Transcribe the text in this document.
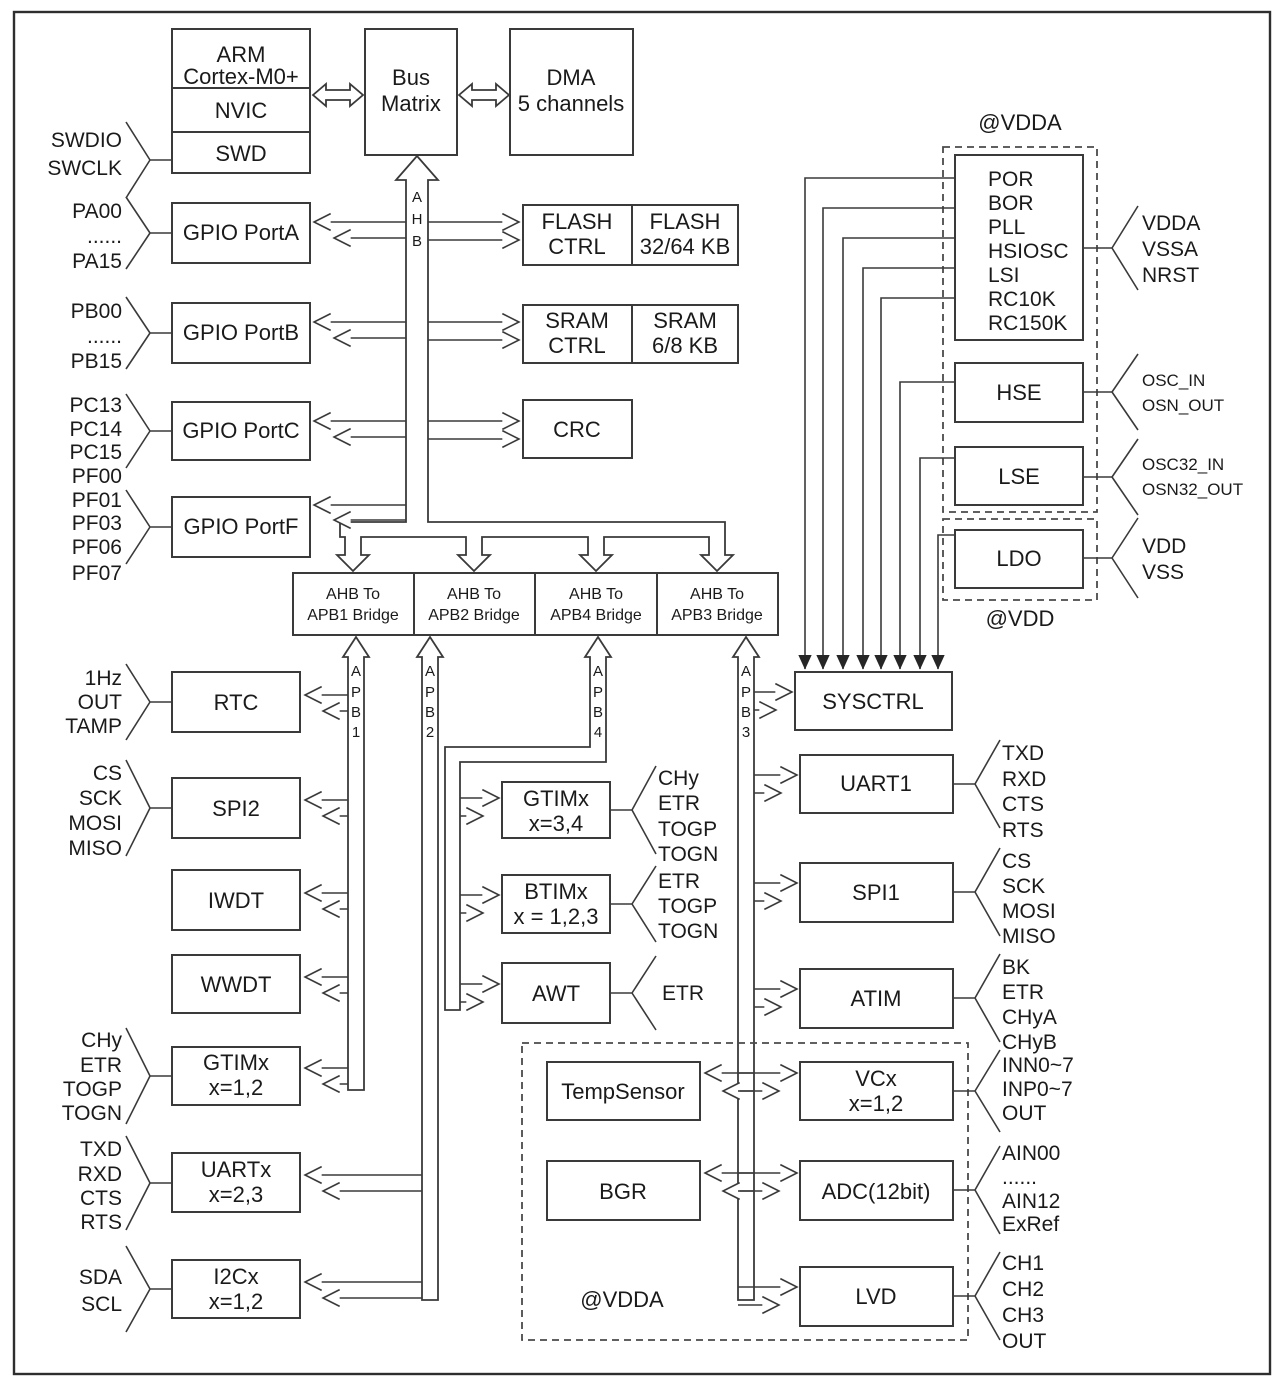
ARM
Cortex-M0+
NVIC
SWD
Bus
Matrix
DMA
5 channels
SWDIO
SWCLK
GPIO PortA
PA00
......
PA15
GPIO PortB
PB00
......
PB15
GPIO PortC
PC13
PC14
PC15
PF00
GPIO PortF
PF01
PF03
PF06
PF07
A
H
B
FLASH
CTRL
FLASH
32/64 KB
SRAM
CTRL
SRAM
6/8 KB
CRC
@VDDA
@VDD
POR
BOR
PLL
HSIOSC
LSI
RC10K
RC150K
VDDA
VSSA
NRST
HSE	OSC_IN
OSN_OUT
LSE	OSC32_IN
OSN32_OUT
LDO	VDD
VSS
AHB To
APB1 Bridge
AHB To
APB2 Bridge
AHB To
APB4 Bridge
AHB To
APB3 Bridge
A
P
B
1
A
P
B
2
A
P
B
4
A
P
B
3
RTC
1Hz
OUT
TAMP
SPI2
CS
SCK
MOSI
MISO
IWDT
WWDT
GTIMx
x=1,2
CHy
ETR
TOGP
TOGN
UARTx
x=2,3
TXD
RXD
CTS
RTS
I2Cx
x=1,2
SDA
SCL
GTIMx
x=3,4
CHy
ETR
TOGP
TOGN
BTIMx
x = 1,2,3
ETR
TOGP
TOGN
AWT	ETR
SYSCTRL
UART1
TXD
RXD
CTS
RTS
SPI1
CS
SCK
MOSI
MISO
ATIM
BK
ETR
CHyA
CHyB
@VDDA
TempSensor
VCx
x=1,2
INN0~7
INP0~7
OUT
BGR	ADC(12bit)
AIN00
......
AIN12
ExRef
LVD
CH1
CH2
CH3
OUT
